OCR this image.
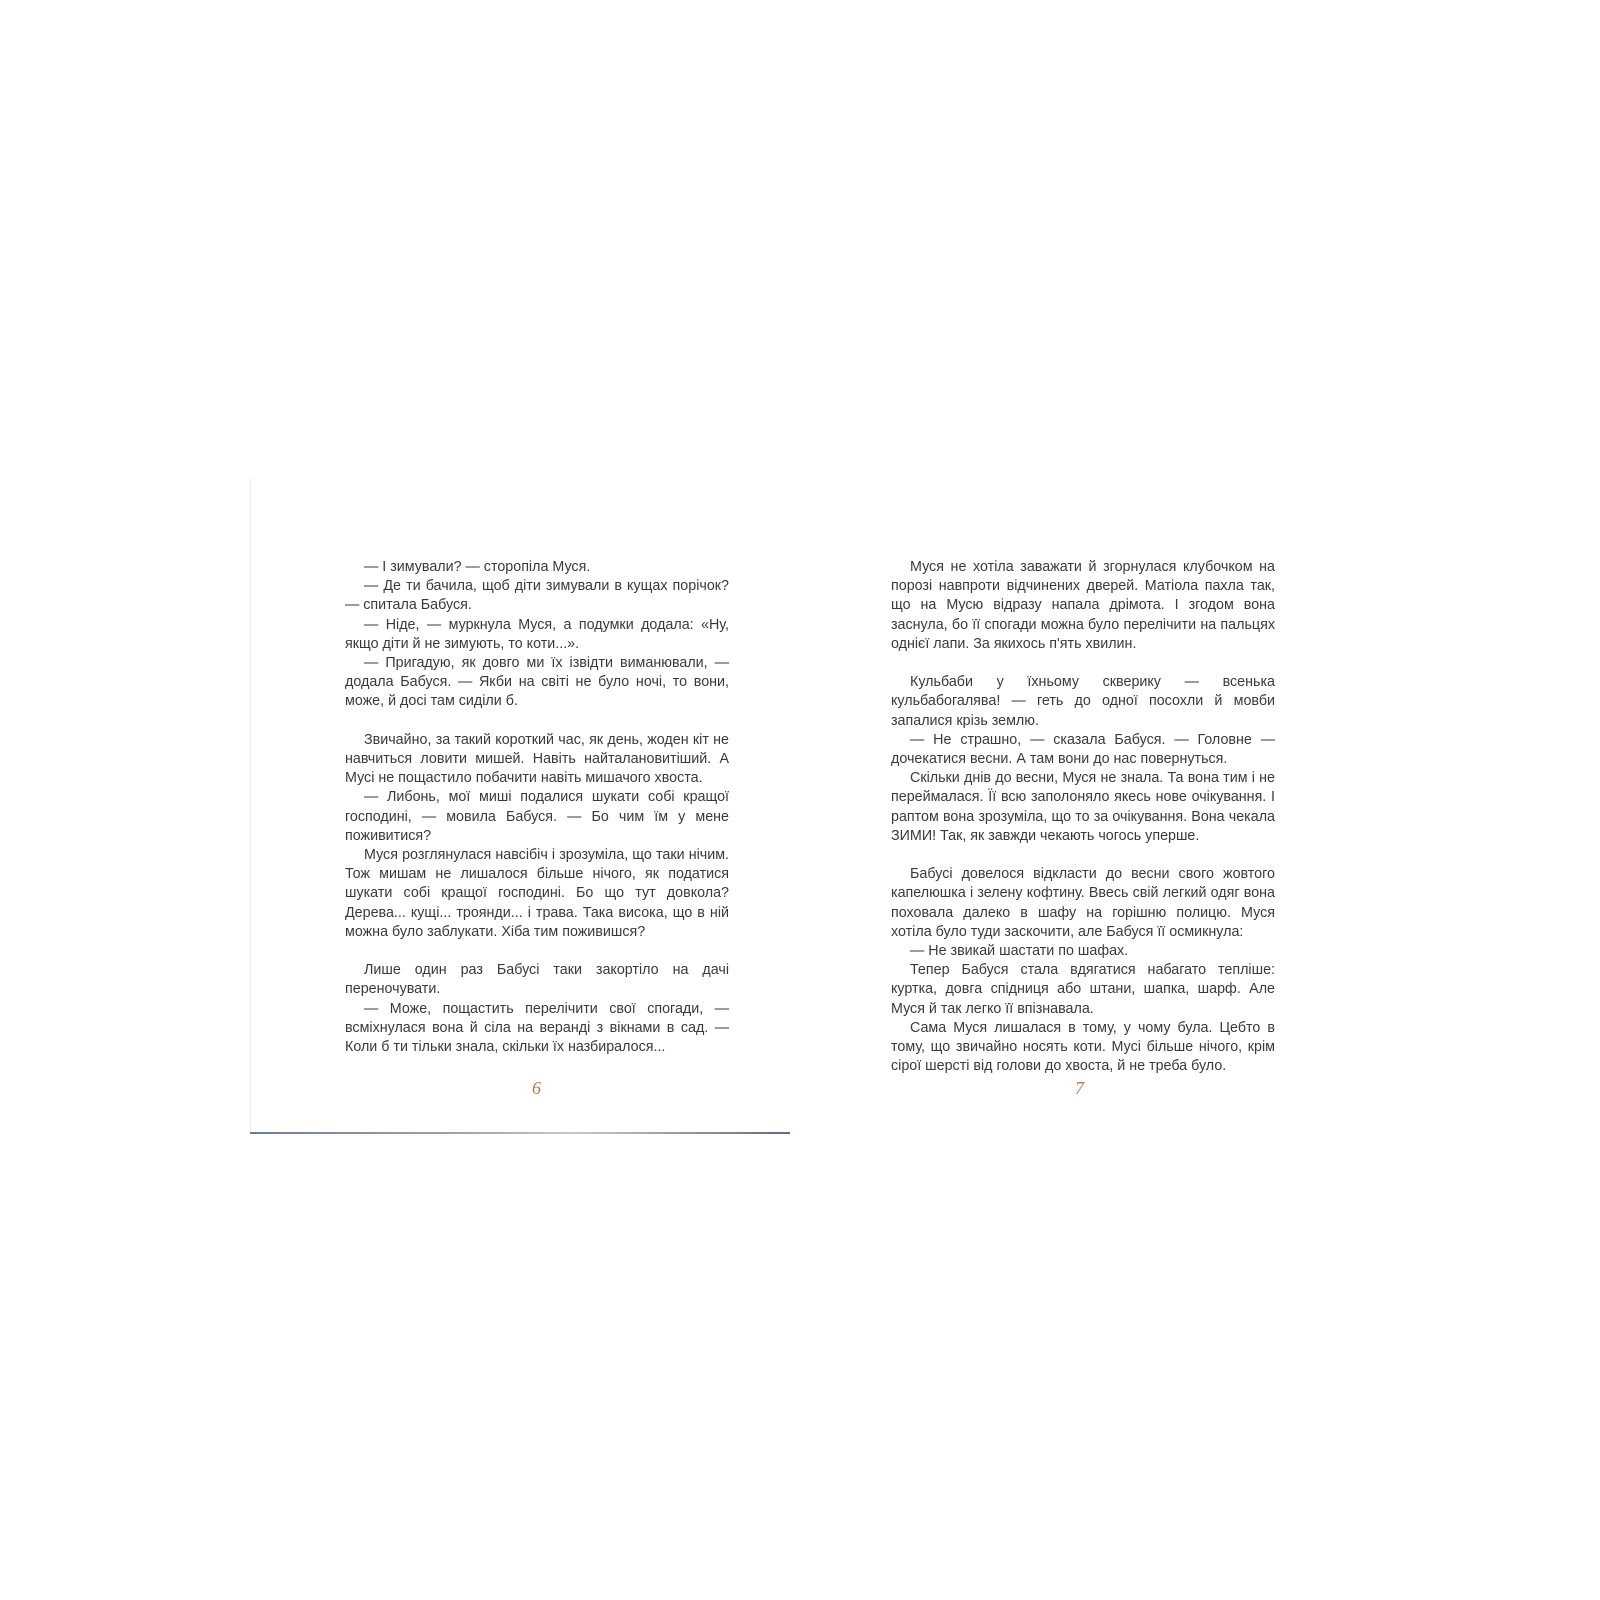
— І зимували? — сторопіла Муся.

— Де ти бачила, щоб діти зимували в кущах порічок? — спитала Бабуся.

— Ніде, — муркнула Муся, а подумки додала: «Ну, якщо діти й не зимують, то коти...».

— Пригадую, як довго ми їх ізвідти виманювали, — додала Бабуся. — Якби на світі не було ночі, то вони, може, й досі там сиділи б.

Звичайно, за такий короткий час, як день, жоден кіт не навчиться ловити мишей. Навіть найталановитіший. А Мусі не пощастило побачити навіть мишачого хвоста.

— Либонь, мої миші подалися шукати собі кращої господині, — мовила Бабуся. — Бо чим їм у мене поживитися?

Муся розглянулася навсібіч і зрозуміла, що таки нічим. Тож мишам не лишалося більше нічого, як податися шукати собі кращої господині. Бо що тут довкола? Дерева... кущі... троянди... і трава. Така висока, що в ній можна було заблукати. Хіба тим поживишся?

Лише один раз Бабусі таки закортіло на дачі переночувати.

— Може, пощастить перелічити свої спогади, — всміхнулася вона й сіла на веранді з вікнами в сад. — Коли б ти тільки знала, скільки їх назбиралося...

Муся не хотіла заважати й згорнулася клубочком на порозі навпроти відчинених дверей. Матіола пахла так, що на Мусю відразу напала дрімота. І згодом вона заснула, бо її спогади можна було перелічити на пальцях однієї лапи. За якихось п'ять хвилин.

Кульбаби у їхньому скверику — всенька кульбабогалява! — геть до одної посохли й мовби запалися крізь землю.

— Не страшно, — сказала Бабуся. — Головне — дочекатися весни. А там вони до нас повернуться.

Скільки днів до весни, Муся не знала. Та вона тим і не переймалася. Її всю заполоняло якесь нове очікування. І раптом вона зрозуміла, що то за очікування. Вона чекала ЗИМИ! Так, як завжди чекають чогось уперше.

Бабусі довелося відкласти до весни свого жовтого капелюшка і зелену кофтину. Ввесь свій легкий одяг вона поховала далеко в шафу на горішню полицю. Муся хотіла було туди заскочити, але Бабуся її осмикнула:

— Не звикай шастати по шафах.

Тепер Бабуся стала вдягатися набагато тепліше: куртка, довга спідниця або штани, шапка, шарф. Але Муся й так легко її впізнавала.

Сама Муся лишалася в тому, у чому була. Цебто в тому, що звичайно носять коти. Мусі більше нічого, крім сірої шерсті від голови до хвоста, й не треба було.

6	7
